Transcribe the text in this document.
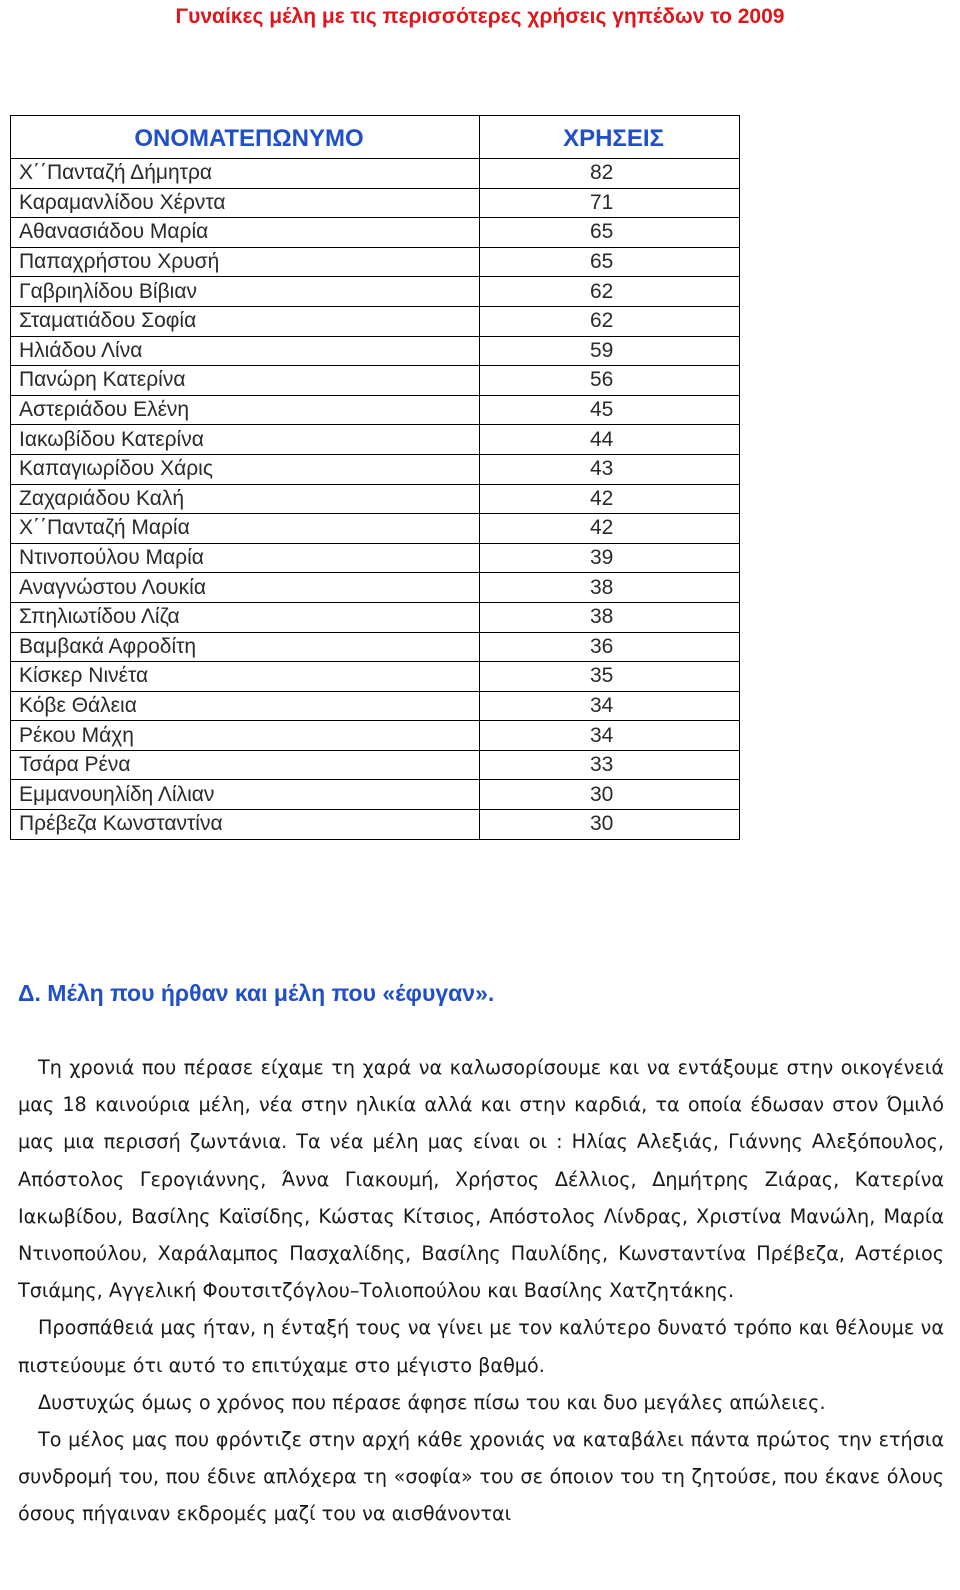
Γυναίκες μέλη με τις περισσότερες χρήσεις γηπέδων το 2009
ΟΝΟΜΑΤΕΠΩΝΥΜΟ	ΧΡΗΣΕΙΣ
Χ΄΄Πανταζή Δήμητρα	82
Καραμανλίδου Χέρντα	71
Αθανασιάδου Μαρία	65
Παπαχρήστου Χρυσή	65
Γαβριηλίδου Βίβιαν	62
Σταματιάδου Σοφία	62
Ηλιάδου Λίνα	59
Πανώρη Κατερίνα	56
Αστεριάδου Ελένη	45
Ιακωβίδου Κατερίνα	44
Καπαγιωρίδου Χάρις	43
Ζαχαριάδου Καλή	42
Χ΄΄Πανταζή Μαρία	42
Ντινοπούλου Μαρία	39
Αναγνώστου Λουκία	38
Σπηλιωτίδου Λίζα	38
Βαμβακά Αφροδίτη	36
Κίσκερ Νινέτα	35
Κόβε Θάλεια	34
Ρέκου Μάχη	34
Τσάρα Ρένα	33
Εμμανουηλίδη Λίλιαν	30
Πρέβεζα Κωνσταντίνα	30
Δ. Μέλη που ήρθαν και μέλη που «έφυγαν».

Τη χρονιά που πέρασε είχαμε τη χαρά να καλωσορίσουμε και να εντάξουμε στην οικογένειά μας 18 καινούρια μέλη, νέα στην ηλικία αλλά και στην καρδιά, τα οποία έδωσαν στον Όμιλό μας μια περισσή ζωντάνια. Τα νέα μέλη μας είναι οι : Ηλίας Αλεξιάς, Γιάννης Αλεξόπουλος, Απόστολος Γερογιάννης, Άννα Γιακουμή, Χρήστος Δέλλιος, Δημήτρης Ζιάρας, Κατερίνα Ιακωβίδου, Βασίλης Καϊσίδης, Κώστας Κίτσιος, Απόστολος Λίνδρας, Χριστίνα Μανώλη, Μαρία Ντινοπούλου, Χαράλαμπος Πασχαλίδης, Βασίλης Παυλίδης, Κωνσταντίνα Πρέβεζα, Αστέριος Τσιάμης, Αγγελική Φουτσιτζόγλου–Τολιοπούλου και Βασίλης Χατζητάκης.

Προσπάθειά μας ήταν, η ένταξή τους να γίνει με τον καλύτερο δυνατό τρόπο και θέλουμε να πιστεύουμε ότι αυτό το επιτύχαμε στο μέγιστο βαθμό.

Δυστυχώς όμως ο χρόνος που πέρασε άφησε πίσω του και δυο μεγάλες απώλειες.

Το μέλος μας που φρόντιζε στην αρχή κάθε χρονιάς να καταβάλει πάντα πρώτος την ετήσια συνδρομή του, που έδινε απλόχερα τη «σοφία» του σε όποιον του τη ζητούσε, που έκανε όλους όσους πήγαιναν εκδρομές μαζί του να αισθάνονται
